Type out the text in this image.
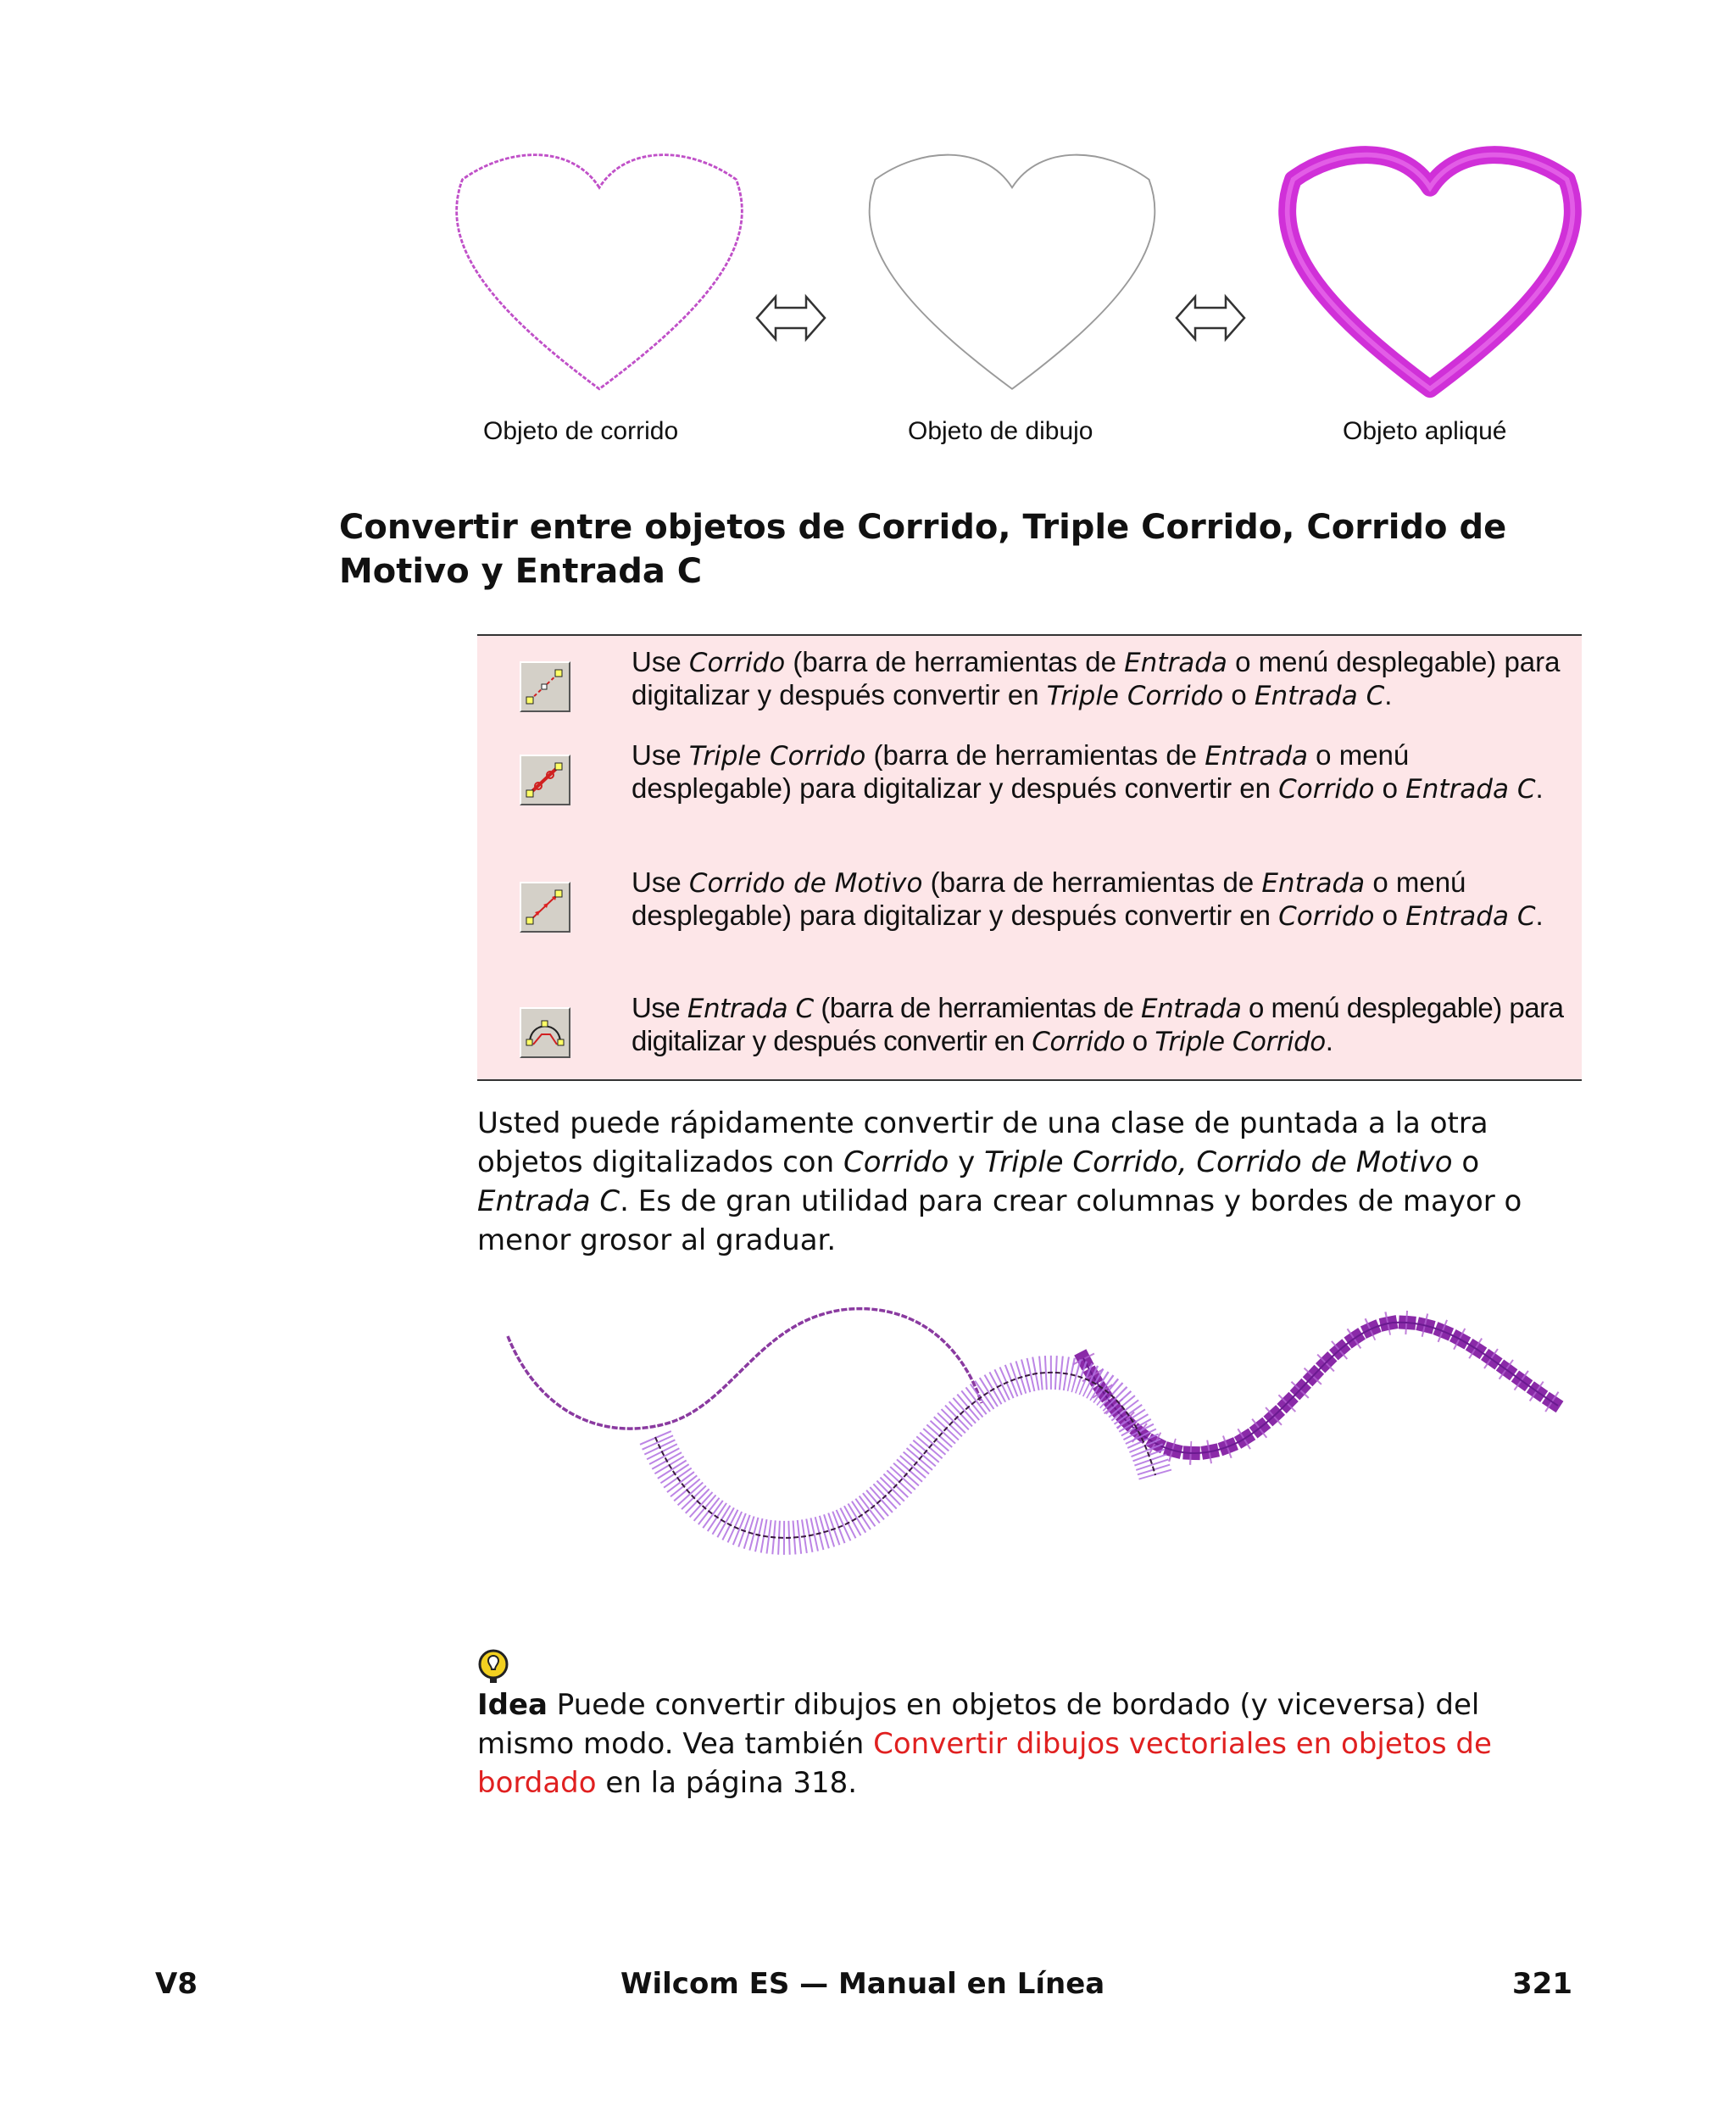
Objeto de corrido	Objeto de dibujo	Objeto apliqué
Convertir entre objetos de Corrido, Triple Corrido, Corrido de Motivo y Entrada C
Use Corrido (barra de herramientas de Entrada o menú desplegable) para digitalizar y después convertir en Triple Corrido o Entrada C.
Use Triple Corrido (barra de herramientas de Entrada o menú desplegable) para digitalizar y después convertir en Corrido o Entrada C.
Use Corrido de Motivo (barra de herramientas de Entrada o menú desplegable) para digitalizar y después convertir en Corrido o Entrada C.
Use Entrada C (barra de herramientas de Entrada o menú desplegable) para digitalizar y después convertir en Corrido o Triple Corrido.

Usted puede rápidamente convertir de una clase de puntada a la otra objetos digitalizados con Corrido y Triple Corrido, Corrido de Motivo o Entrada C. Es de gran utilidad para crear columnas y bordes de mayor o menor grosor al graduar.

Idea Puede convertir dibujos en objetos de bordado (y viceversa) del mismo modo. Vea también Convertir dibujos vectoriales en objetos de bordado en la página 318.

V8	Wilcom ES — Manual en Línea	321
